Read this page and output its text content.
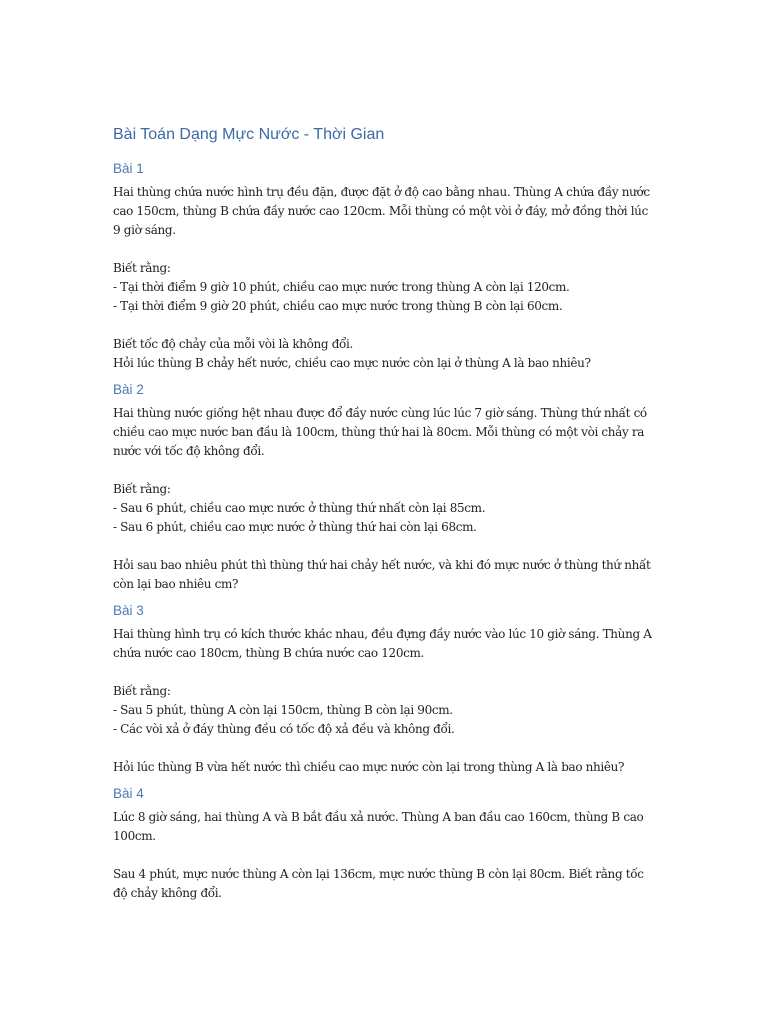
Bài Toán Dạng Mực Nước - Thời Gian
Bài 1

Hai thùng chứa nước hình trụ đều đặn, được đặt ở độ cao bằng nhau. Thùng A chứa đầy nước cao 150cm, thùng B chứa đầy nước cao 120cm. Mỗi thùng có một vòi ở đáy, mở đồng thời lúc 9 giờ sáng.

Biết rằng:

- Tại thời điểm 9 giờ 10 phút, chiều cao mực nước trong thùng A còn lại 120cm.

- Tại thời điểm 9 giờ 20 phút, chiều cao mực nước trong thùng B còn lại 60cm.

Biết tốc độ chảy của mỗi vòi là không đổi.

Hỏi lúc thùng B chảy hết nước, chiều cao mực nước còn lại ở thùng A là bao nhiêu?

Bài 2

Hai thùng nước giống hệt nhau được đổ đầy nước cùng lúc lúc 7 giờ sáng. Thùng thứ nhất có chiều cao mực nước ban đầu là 100cm, thùng thứ hai là 80cm. Mỗi thùng có một vòi chảy ra nước với tốc độ không đổi.

Biết rằng:

- Sau 6 phút, chiều cao mực nước ở thùng thứ nhất còn lại 85cm.

- Sau 6 phút, chiều cao mực nước ở thùng thứ hai còn lại 68cm.

Hỏi sau bao nhiêu phút thì thùng thứ hai chảy hết nước, và khi đó mực nước ở thùng thứ nhất còn lại bao nhiêu cm?

Bài 3

Hai thùng hình trụ có kích thước khác nhau, đều đựng đầy nước vào lúc 10 giờ sáng. Thùng A chứa nước cao 180cm, thùng B chứa nước cao 120cm.

Biết rằng:

- Sau 5 phút, thùng A còn lại 150cm, thùng B còn lại 90cm.

- Các vòi xả ở đáy thùng đều có tốc độ xả đều và không đổi.

Hỏi lúc thùng B vừa hết nước thì chiều cao mực nước còn lại trong thùng A là bao nhiêu?

Bài 4

Lúc 8 giờ sáng, hai thùng A và B bắt đầu xả nước. Thùng A ban đầu cao 160cm, thùng B cao 100cm.

Sau 4 phút, mực nước thùng A còn lại 136cm, mực nước thùng B còn lại 80cm. Biết rằng tốc độ chảy không đổi.
